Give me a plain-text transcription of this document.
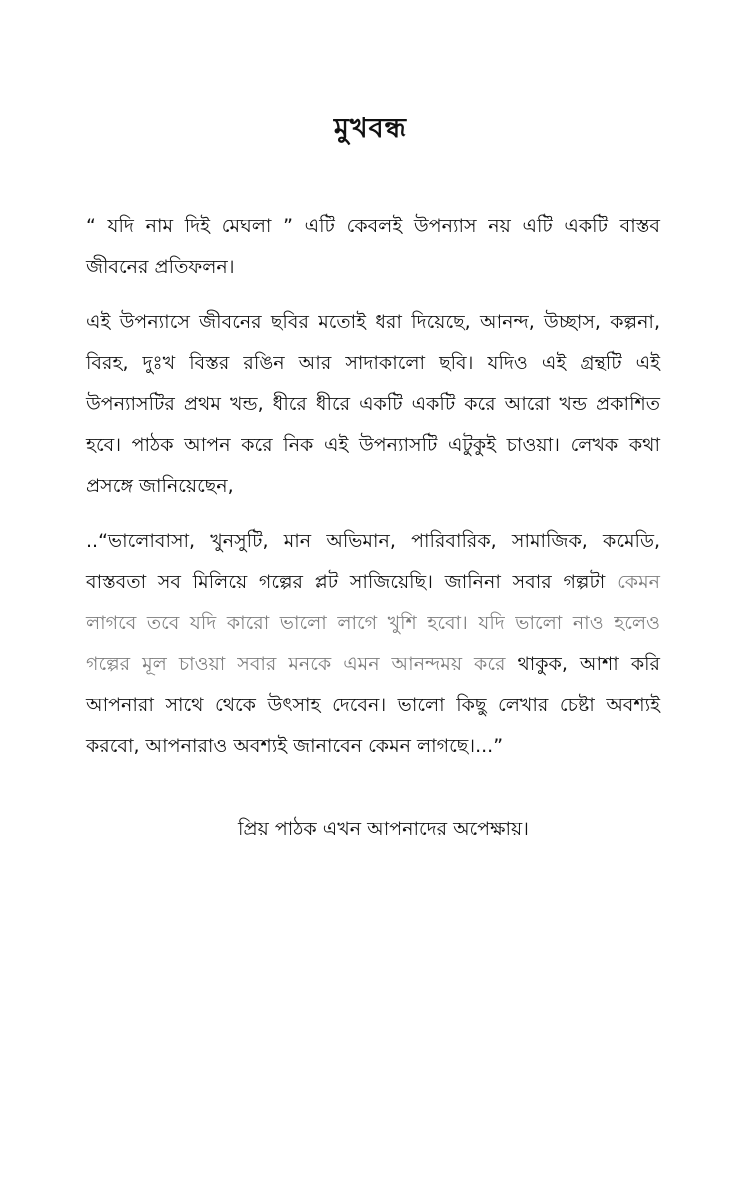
মুখবন্ধ

“ যদি নাম দিই মেঘলা ” এটি কেবলই উপন্যাস নয় এটি একটি বাস্তব জীবনের প্রতিফলন।

এই উপন্যাসে জীবনের ছবির মতোই ধরা দিয়েছে, আনন্দ, উচ্ছাস, কল্পনা, বিরহ, দুঃখ বিস্তর রঙিন আর সাদাকালো ছবি। যদিও এই গ্রন্থটি এই উপন্যাসটির প্রথম খন্ড, ধীরে ধীরে একটি একটি করে আরো খন্ড প্রকাশিত হবে। পাঠক আপন করে নিক এই উপন্যাসটি এটুকুই চাওয়া। লেখক কথা প্রসঙ্গে জানিয়েছেন,

..“ভালোবাসা, খুনসুটি, মান অভিমান, পারিবারিক, সামাজিক, কমেডি, বাস্তবতা সব মিলিয়ে গল্পের প্লট সাজিয়েছি। জানিনা সবার গল্পটা কেমন লাগবে তবে যদি কারো ভালো লাগে খুশি হবো। যদি ভালো নাও হলেও গল্পের মূল চাওয়া সবার মনকে এমন আনন্দময় করে থাকুক, আশা করি আপনারা সাথে থেকে উৎসাহ দেবেন। ভালো কিছু লেখার চেষ্টা অবশ্যই করবো, আপনারাও অবশ্যই জানাবেন কেমন লাগছে।...”

প্রিয় পাঠক এখন আপনাদের অপেক্ষায়।
